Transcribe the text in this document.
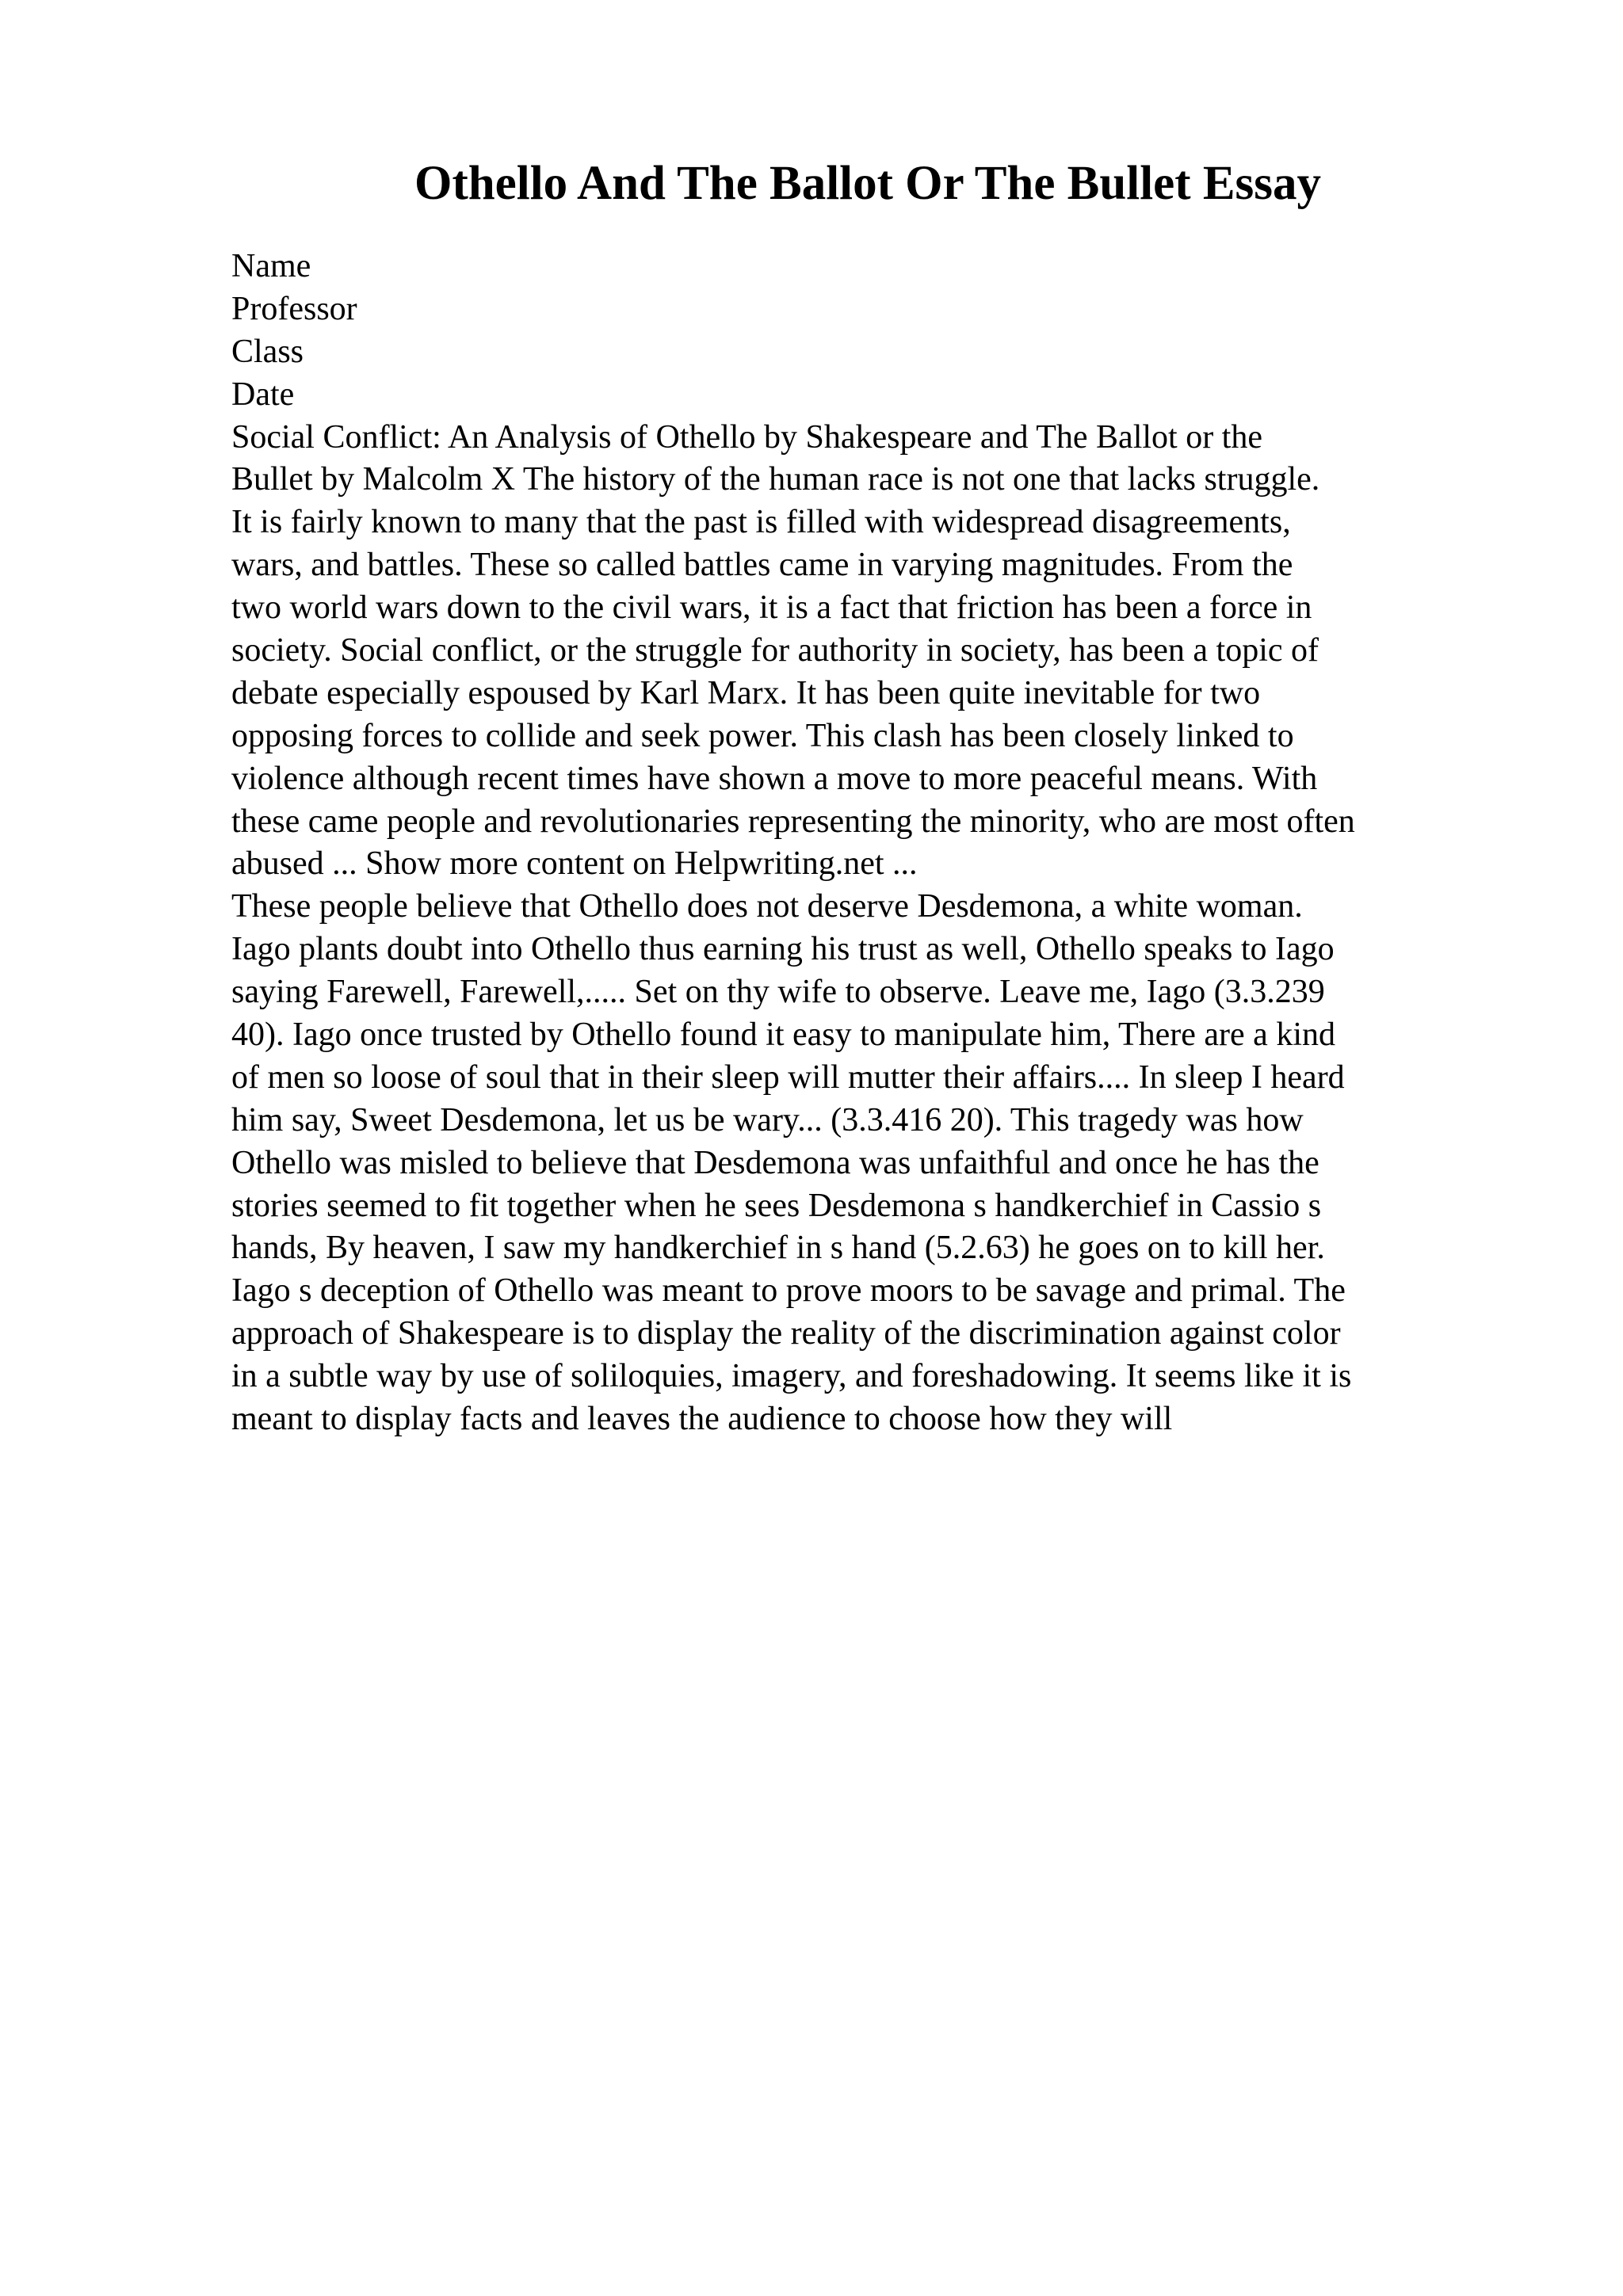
Othello And The Ballot Or The Bullet Essay
Name
Professor
Class
Date
Social Conflict: An Analysis of Othello by Shakespeare and The Ballot or the
Bullet by Malcolm X The history of the human race is not one that lacks struggle.
It is fairly known to many that the past is filled with widespread disagreements,
wars, and battles. These so called battles came in varying magnitudes. From the
two world wars down to the civil wars, it is a fact that friction has been a force in
society. Social conflict, or the struggle for authority in society, has been a topic of
debate especially espoused by Karl Marx. It has been quite inevitable for two
opposing forces to collide and seek power. This clash has been closely linked to
violence although recent times have shown a move to more peaceful means. With
these came people and revolutionaries representing the minority, who are most often
abused ... Show more content on Helpwriting.net ...
These people believe that Othello does not deserve Desdemona, a white woman.
Iago plants doubt into Othello thus earning his trust as well, Othello speaks to Iago
saying Farewell, Farewell,..... Set on thy wife to observe. Leave me, Iago (3.3.239
40). Iago once trusted by Othello found it easy to manipulate him, There are a kind
of men so loose of soul that in their sleep will mutter their affairs.... In sleep I heard
him say, Sweet Desdemona, let us be wary... (3.3.416 20). This tragedy was how
Othello was misled to believe that Desdemona was unfaithful and once he has the
stories seemed to fit together when he sees Desdemona s handkerchief in Cassio s
hands, By heaven, I saw my handkerchief in s hand (5.2.63) he goes on to kill her.
Iago s deception of Othello was meant to prove moors to be savage and primal. The
approach of Shakespeare is to display the reality of the discrimination against color
in a subtle way by use of soliloquies, imagery, and foreshadowing. It seems like it is
meant to display facts and leaves the audience to choose how they will
